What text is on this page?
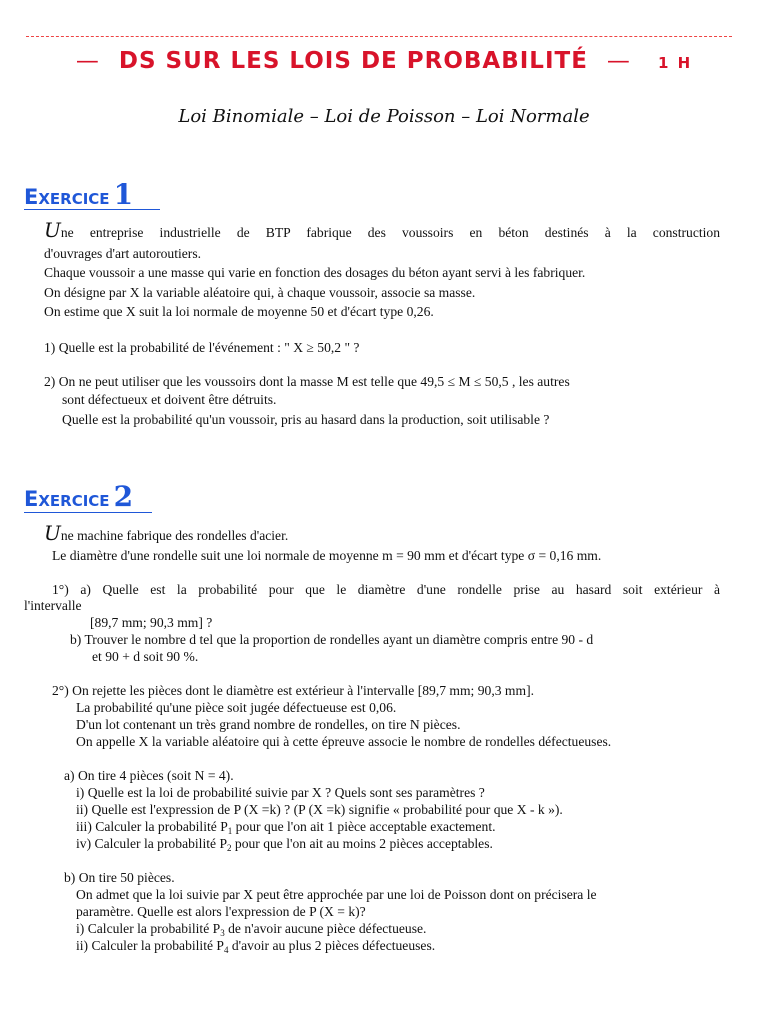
— DS SUR LES LOIS DE PROBABILITÉ — 1 H
Loi Binomiale – Loi de Poisson – Loi Normale
Exercice 1
Une entreprise industrielle de BTP fabrique des voussoirs en béton destinés à la construction
d'ouvrages d'art autoroutiers.
Chaque voussoir a une masse qui varie en fonction des dosages du béton ayant servi à les fabriquer.
On désigne par X la variable aléatoire qui, à chaque voussoir, associe sa masse.
On estime que X suit la loi normale de moyenne 50 et d'écart type 0,26.
1) Quelle est la probabilité de l'événement : " X ≥ 50,2 " ?
2) On ne peut utiliser que les voussoirs dont la masse M est telle que 49,5 ≤ M ≤ 50,5 , les autres
sont défectueux et doivent être détruits.
Quelle est la probabilité qu'un voussoir, pris au hasard dans la production, soit utilisable ?
Exercice 2
Une machine fabrique des rondelles d'acier.
Le diamètre d'une rondelle suit une loi normale de moyenne m = 90 mm et d'écart type σ = 0,16 mm.
1°) a) Quelle est la probabilité pour que le diamètre d'une rondelle prise au hasard soit extérieur à
l'intervalle
[89,7 mm; 90,3 mm] ?
b) Trouver le nombre d tel que la proportion de rondelles ayant un diamètre compris entre 90 - d
et 90 + d soit 90 %.
2°) On rejette les pièces dont le diamètre est extérieur à l'intervalle [89,7 mm; 90,3 mm].
La probabilité qu'une pièce soit jugée défectueuse est 0,06.
D'un lot contenant un très grand nombre de rondelles, on tire N pièces.
On appelle X la variable aléatoire qui à cette épreuve associe le nombre de rondelles défectueuses.
a) On tire 4 pièces (soit N = 4).
i) Quelle est la loi de probabilité suivie par X ? Quels sont ses paramètres ?
ii) Quelle est l'expression de P (X =k) ? (P (X =k) signifie « probabilité pour que X - k »).
iii) Calculer la probabilité $P_1$ pour que l'on ait 1 pièce acceptable exactement.
iv) Calculer la probabilité $P_2$ pour que l'on ait au moins 2 pièces acceptables.
b) On tire 50 pièces.
On admet que la loi suivie par X peut être approchée par une loi de Poisson dont on précisera le
paramètre. Quelle est alors l'expression de P (X = k)?
i) Calculer la probabilité $P_3$ de n'avoir aucune pièce défectueuse.
ii) Calculer la probabilité $P_4$ d'avoir au plus 2 pièces défectueuses.
